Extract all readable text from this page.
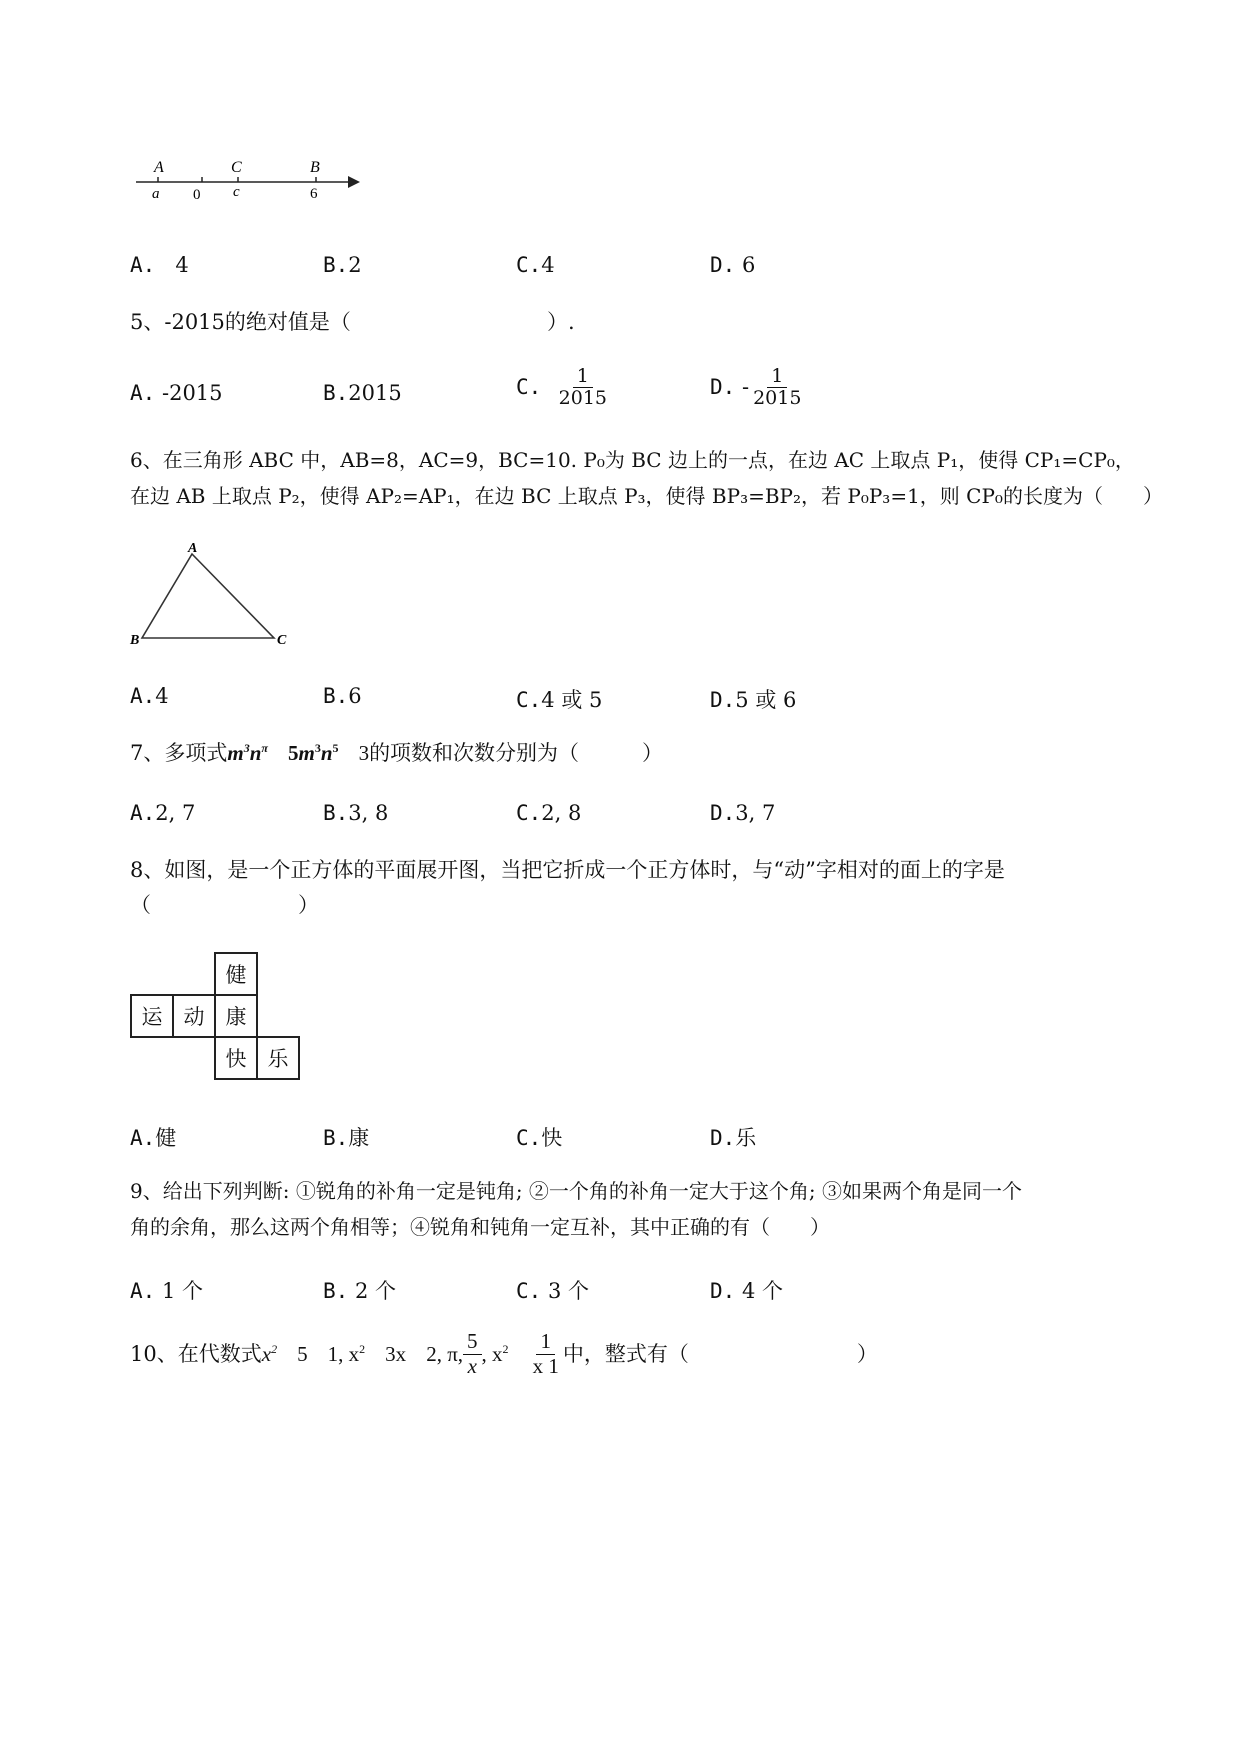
A	C	B
a 0 c	6
A. 4	B.2	C.4	D. 6
5、-2015的绝对值是（	）.
A. -2015	B.2015	C.
$\frac{1}{2015}$	D.
- $\frac{1}{2015}$
6、在三角形 ABC 中，AB=8，AC=9，BC=10. P₀为 BC 边上的一点，在边 AC 上取点 P₁，使得 CP₁=CP₀，
在边 AB 上取点 P₂，使得 AP₂=AP₁，在边 BC 上取点 P₃，使得 BP₃=BP₂，若 P₀P₃=1，则 CP₀的长度为（　　）
A
B	C
A.4	B.6	C.4 或 5	D.5 或 6
7、多项式$m^3n^\pi$ $5m^3n^5$ 3的项数和次数分别为（　　　）
A.2, 7	B.3, 8	C.2, 8	D.3, 7
8、如图，是一个正方体的平面展开图，当把它折成一个正方体时，与“动”字相对的面上的字是
（　　　　　　　）
健
运	动	康
快	乐
A.健	B.康	C.快	D.乐
9、给出下列判断: ①锐角的补角一定是钝角; ②一个角的补角一定大于这个角; ③如果两个角是同一个
角的余角，那么这两个角相等；④锐角和钝角一定互补，其中正确的有（　　）
A. 1 个	B. 2 个	C. 3 个	D. 4 个
10、在代数式 $x^2$
5
1, $x^2$
3x
2, π, $\frac{5}{x}$ , $x^2$
$\frac{1}{x 1}$ 中，整式有（　　　　　　　　）
